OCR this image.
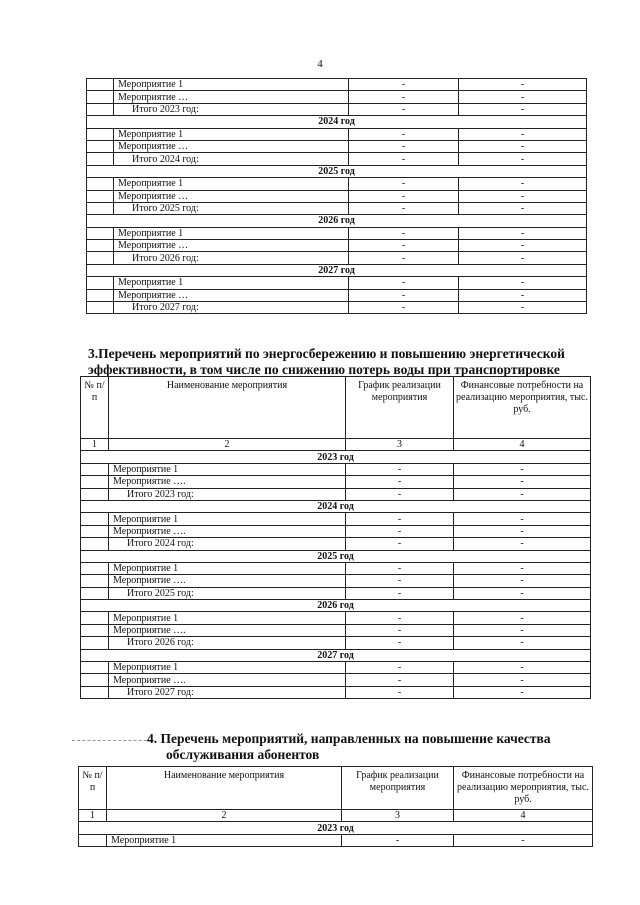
4
	Мероприятие 1	-	-
	Мероприятие …	-	-
	Итого 2023 год:	-	-
2024 год			
	Мероприятие 1	-	-
	Мероприятие …	-	-
	Итого 2024 год:	-	-
2025 год			
	Мероприятие 1	-	-
	Мероприятие …	-	-
	Итого 2025 год:	-	-
2026 год			
	Мероприятие 1	-	-
	Мероприятие …	-	-
	Итого 2026 год:	-	-
2027 год			
	Мероприятие 1	-	-
	Мероприятие …	-	-
	Итого 2027 год:	-	-
3.Перечень мероприятий по энергосбережению и повышению энергетической
эффективности, в том числе по снижению потерь воды при транспортировке
№ п/п	Наименование мероприятия	График реализации мероприятия	Финансовые потребности на реализацию мероприятия, тыс. руб.
1	2	3	4
2023 год			
	Мероприятие 1	-	-
	Мероприятие ….	-	-
	Итого 2023 год:	-	-
2024 год			
	Мероприятие 1	-	-
	Мероприятие ….	-	-
	Итого 2024 год:	-	-
2025 год			
	Мероприятие 1	-	-
	Мероприятие ….	-	-
	Итого 2025 год:	-	-
2026 год			
	Мероприятие 1	-	-
	Мероприятие ….	-	-
	Итого 2026 год:	-	-
2027 год			
	Мероприятие 1	-	-
	Мероприятие ….	-	-
	Итого 2027 год:	-	-
4. Перечень мероприятий, направленных на повышение качества
обслуживания абонентов
№ п/п	Наименование мероприятия	График реализации мероприятия	Финансовые потребности на реализацию мероприятия, тыс. руб.
1	2	3	4
2023 год			
	Мероприятие 1	-	-
